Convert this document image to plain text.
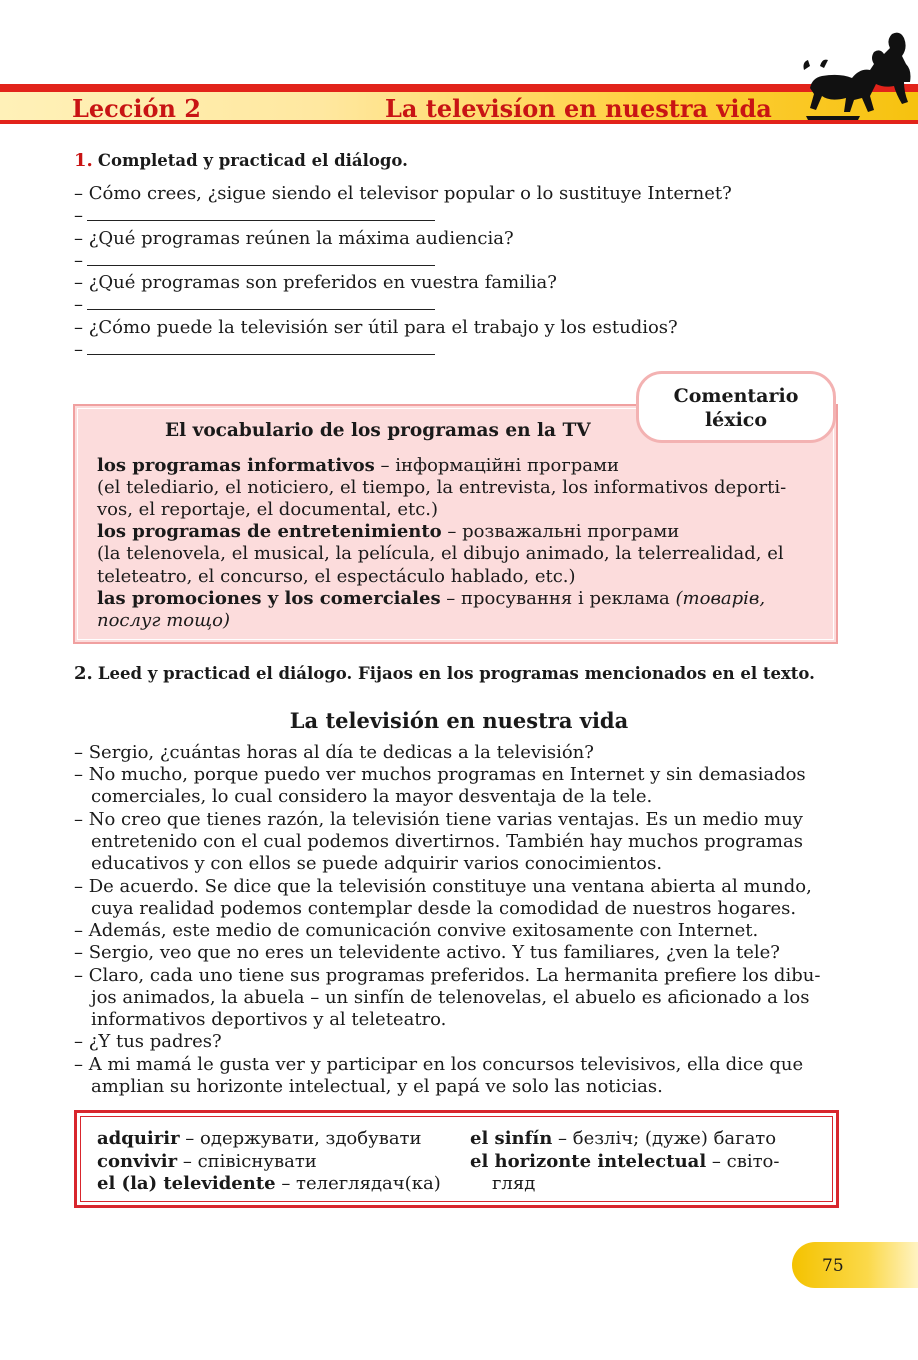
Lección 2	La televisíon en nuestra vida
1. Completad y practicad el diálogo.
– Cómo crees, ¿sigue siendo el televisor popular o lo sustituye Internet?
–
– ¿Qué programas reúnen la máxima audiencia?
–
– ¿Qué programas son preferidos en vuestra familia?
–
– ¿Cómo puede la televisión ser útil para el trabajo y los estudios?
–
Comentario
léxico
El vocabulario de los programas en la TV
los programas informativos – інформаційні програми
(el telediario, el noticiero, el tiempo, la entrevista, los informativos deporti-
vos, el reportaje, el documental, etc.)
los programas de entretenimiento – розважальні програми
(la telenovela, el musical, la película, el dibujo animado, la telerrealidad, el
teleteatro, el concurso, el espectáculo hablado, etc.)
las promociones y los comerciales – просування і реклама (товарів,
послуг тощо)
2. Leed y practicad el diálogo. Fijaos en los programas mencionados en el texto.
La televisión en nuestra vida
– Sergio, ¿cuántas horas al día te dedicas a la televisión?
– No mucho, porque puedo ver muchos programas en Internet y sin demasiados
comerciales, lo cual considero la mayor desventaja de la tele.
– No creo que tienes razón, la televisión tiene varias ventajas. Es un medio muy
entretenido con el cual podemos divertirnos. También hay muchos programas
educativos y con ellos se puede adquirir varios conocimientos.
– De acuerdo. Se dice que la televisión constituye una ventana abierta al mundo,
cuya realidad podemos contemplar desde la comodidad de nuestros hogares.
– Además, este medio de comunicación convive exitosamente con Internet.
– Sergio, veo que no eres un televidente activo. Y tus familiares, ¿ven la tele?
– Claro, cada uno tiene sus programas preferidos. La hermanita prefiere los dibu-
jos animados, la abuela – un sinfín de telenovelas, el abuelo es aficionado a los
informativos deportivos y al teleteatro.
– ¿Y tus padres?
– A mi mamá le gusta ver y participar en los concursos televisivos, ella dice que
amplian su horizonte intelectual, y el papá ve solo las noticias.
adquirir – одержувати, здобувати
convivir – співіснувати
el (la) televidente – телеглядач(ка)
el sinfín – безліч; (дуже) багато
el horizonte intelectual – світо-
гляд
75
